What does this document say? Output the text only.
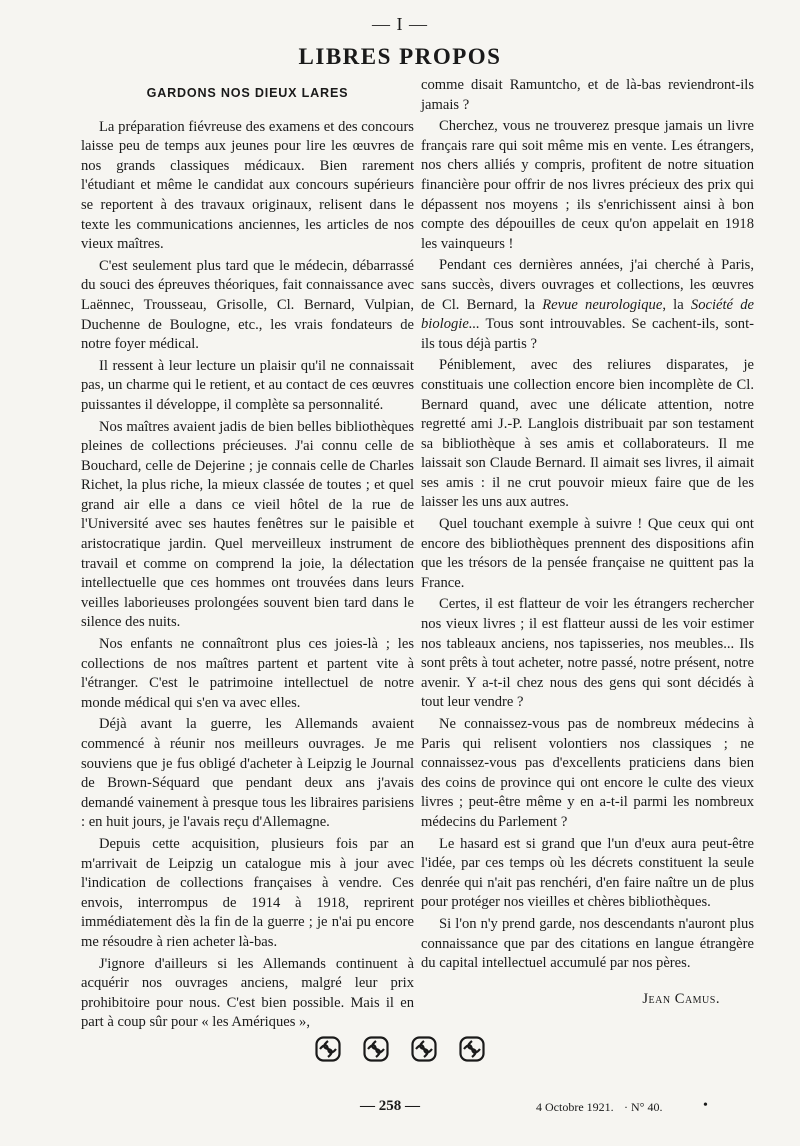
— I —
LIBRES PROPOS
GARDONS NOS DIEUX LARES

La préparation fiévreuse des examens et des concours laisse peu de temps aux jeunes pour lire les œuvres de nos grands classiques médicaux. Bien rarement l'étudiant et même le candidat aux concours supérieurs se reportent à des travaux originaux, relisent dans le texte les communications anciennes, les articles de nos vieux maîtres.

C'est seulement plus tard que le médecin, débarrassé du souci des épreuves théoriques, fait connaissance avec Laënnec, Trousseau, Grisolle, Cl. Bernard, Vulpian, Duchenne de Boulogne, etc., les vrais fondateurs de notre foyer médical.

Il ressent à leur lecture un plaisir qu'il ne connaissait pas, un charme qui le retient, et au contact de ces œuvres puissantes il développe, il complète sa personnalité.

Nos maîtres avaient jadis de bien belles bibliothèques pleines de collections précieuses. J'ai connu celle de Bouchard, celle de Dejerine ; je connais celle de Charles Richet, la plus riche, la mieux classée de toutes ; et quel grand air elle a dans ce vieil hôtel de la rue de l'Université avec ses hautes fenêtres sur le paisible et aristocratique jardin. Quel merveilleux instrument de travail et comme on comprend la joie, la délectation intellectuelle que ces hommes ont trouvées dans leurs veilles laborieuses prolongées souvent bien tard dans le silence des nuits.

Nos enfants ne connaîtront plus ces joies-là ; les collections de nos maîtres partent et partent vite à l'étranger. C'est le patrimoine intellectuel de notre monde médical qui s'en va avec elles.

Déjà avant la guerre, les Allemands avaient commencé à réunir nos meilleurs ouvrages. Je me souviens que je fus obligé d'acheter à Leipzig le Journal de Brown-Séquard que pendant deux ans j'avais demandé vainement à presque tous les libraires parisiens : en huit jours, je l'avais reçu d'Allemagne.

Depuis cette acquisition, plusieurs fois par an m'arrivait de Leipzig un catalogue mis à jour avec l'indication de collections françaises à vendre. Ces envois, interrompus de 1914 à 1918, reprirent immédiatement dès la fin de la guerre ; je n'ai pu encore me résoudre à rien acheter là-bas.

J'ignore d'ailleurs si les Allemands continuent à acquérir nos ouvrages anciens, malgré leur prix prohibitoire pour nous. C'est bien possible. Mais il en part à coup sûr pour « les Amériques »,

comme disait Ramuntcho, et de là-bas reviendront-ils jamais ?

Cherchez, vous ne trouverez presque jamais un livre français rare qui soit même mis en vente. Les étrangers, nos chers alliés y compris, profitent de notre situation financière pour offrir de nos livres précieux des prix qui dépassent nos moyens ; ils s'enrichissent ainsi à bon compte des dépouilles de ceux qu'on appelait en 1918 les vainqueurs !

Pendant ces dernières années, j'ai cherché à Paris, sans succès, divers ouvrages et collections, les œuvres de Cl. Bernard, la Revue neurologique, la Société de biologie... Tous sont introuvables. Se cachent-ils, sont-ils tous déjà partis ?

Péniblement, avec des reliures disparates, je constituais une collection encore bien incomplète de Cl. Bernard quand, avec une délicate attention, notre regretté ami J.-P. Langlois distribuait par son testament sa bibliothèque à ses amis et collaborateurs. Il me laissait son Claude Bernard. Il aimait ses livres, il aimait ses amis : il ne crut pouvoir mieux faire que de les laisser les uns aux autres.

Quel touchant exemple à suivre ! Que ceux qui ont encore des bibliothèques prennent des dispositions afin que les trésors de la pensée française ne quittent pas la France.

Certes, il est flatteur de voir les étrangers rechercher nos vieux livres ; il est flatteur aussi de les voir estimer nos tableaux anciens, nos tapisseries, nos meubles... Ils sont prêts à tout acheter, notre passé, notre présent, notre avenir. Y a-t-il chez nous des gens qui sont décidés à tout leur vendre ?

Ne connaissez-vous pas de nombreux médecins à Paris qui relisent volontiers nos classiques ; ne connaissez-vous pas d'excellents praticiens dans bien des coins de province qui ont encore le culte des vieux livres ; peut-être même y en a-t-il parmi les nombreux médecins du Parlement ?

Le hasard est si grand que l'un d'eux aura peut-être l'idée, par ces temps où les décrets constituent la seule denrée qui n'ait pas renchéri, d'en faire naître un de plus pour protéger nos vieilles et chères bibliothèques.

Si l'on n'y prend garde, nos descendants n'auront plus connaissance que par des citations en langue étrangère du capital intellectuel accumulé par nos pères.

Jean Camus.
— 258 —	4 Octobre 1921. · N° 40.	•
